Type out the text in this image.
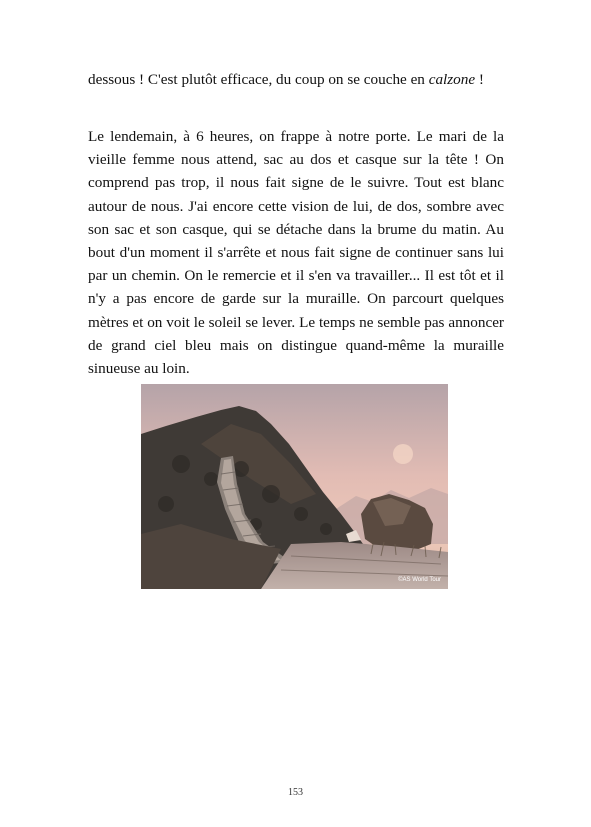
dessous ! C'est plutôt efficace, du coup on se couche en calzone !

Le lendemain, à 6 heures, on frappe à notre porte. Le mari de la vieille femme nous attend, sac au dos et casque sur la tête ! On comprend pas trop, il nous fait signe de le suivre. Tout est blanc autour de nous. J'ai encore cette vision de lui, de dos, sombre avec son sac et son casque, qui se détache dans la brume du matin. Au bout d'un moment il s'arrête et nous fait signe de continuer sans lui par un chemin. On le remercie et il s'en va travailler... Il est tôt et il n'y a pas encore de garde sur la muraille. On parcourt quelques mètres et on voit le soleil se lever. Le temps ne semble pas annoncer de grand ciel bleu mais on distingue quand-même la muraille sinueuse au loin.

©AS World Tour
153
